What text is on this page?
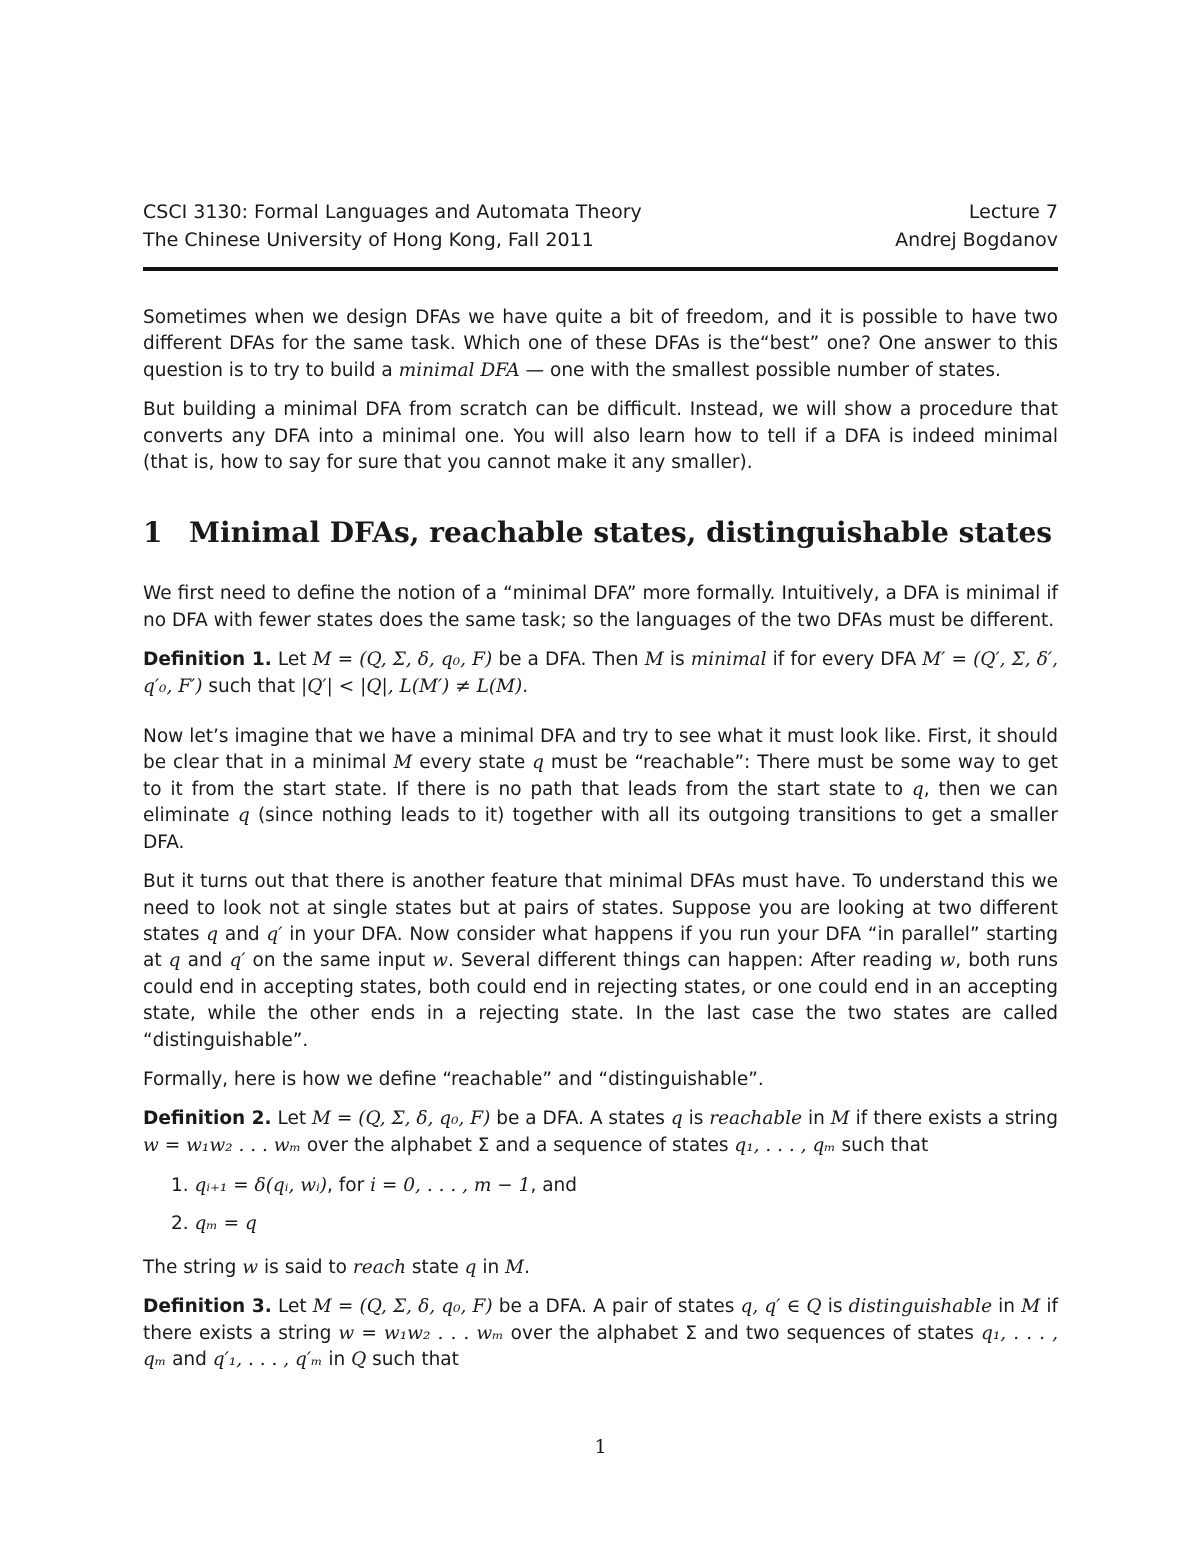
CSCI 3130: Formal Languages and Automata Theory	Lecture 7
The Chinese University of Hong Kong, Fall 2011	Andrej Bogdanov

Sometimes when we design DFAs we have quite a bit of freedom, and it is possible to have two different DFAs for the same task. Which one of these DFAs is the“best” one? One answer to this question is to try to build a minimal DFA — one with the smallest possible number of states.

But building a minimal DFA from scratch can be difficult. Instead, we will show a procedure that converts any DFA into a minimal one. You will also learn how to tell if a DFA is indeed minimal (that is, how to say for sure that you cannot make it any smaller).

1 Minimal DFAs, reachable states, distinguishable states

We first need to define the notion of a “minimal DFA” more formally. Intuitively, a DFA is minimal if no DFA with fewer states does the same task; so the languages of the two DFAs must be different.

Definition 1. Let M = (Q, Σ, δ, q₀, F) be a DFA. Then M is minimal if for every DFA M′ = (Q′, Σ, δ′, q′₀, F′) such that |Q′| < |Q|, L(M′) ≠ L(M).

Now let’s imagine that we have a minimal DFA and try to see what it must look like. First, it should be clear that in a minimal M every state q must be “reachable”: There must be some way to get to it from the start state. If there is no path that leads from the start state to q, then we can eliminate q (since nothing leads to it) together with all its outgoing transitions to get a smaller DFA.

But it turns out that there is another feature that minimal DFAs must have. To understand this we need to look not at single states but at pairs of states. Suppose you are looking at two different states q and q′ in your DFA. Now consider what happens if you run your DFA “in parallel” starting at q and q′ on the same input w. Several different things can happen: After reading w, both runs could end in accepting states, both could end in rejecting states, or one could end in an accepting state, while the other ends in a rejecting state. In the last case the two states are called “distinguishable”.

Formally, here is how we define “reachable” and “distinguishable”.

Definition 2. Let M = (Q, Σ, δ, q₀, F) be a DFA. A states q is reachable in M if there exists a string w = w₁w₂ . . . wₘ over the alphabet Σ and a sequence of states q₁, . . . , qₘ such that

1. qᵢ₊₁ = δ(qᵢ, wᵢ), for i = 0, . . . , m − 1, and
2. qₘ = q

The string w is said to reach state q in M.

Definition 3. Let M = (Q, Σ, δ, q₀, F) be a DFA. A pair of states q, q′ ∈ Q is distinguishable in M if there exists a string w = w₁w₂ . . . wₘ over the alphabet Σ and two sequences of states q₁, . . . , qₘ and q′₁, . . . , q′ₘ in Q such that

1
